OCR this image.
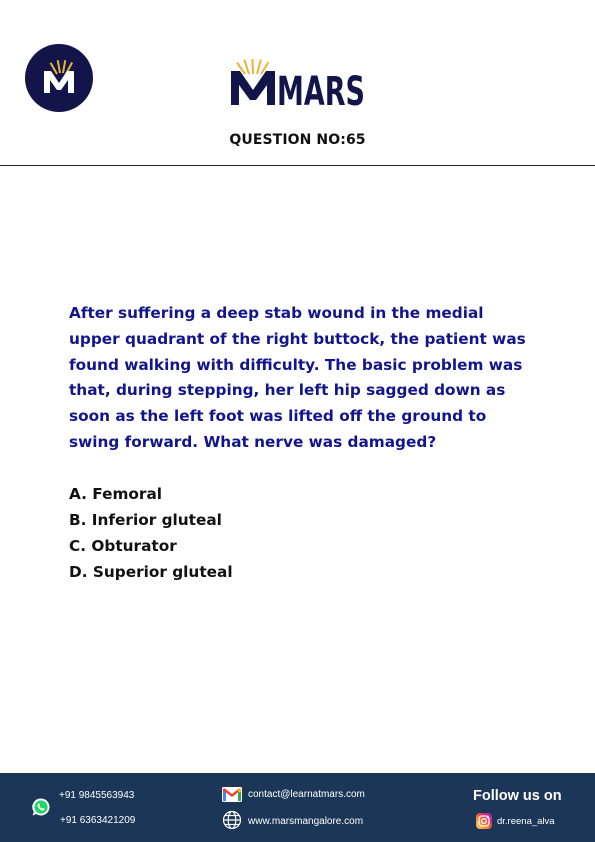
MARS
QUESTION NO:65

After suffering a deep stab wound in the medial upper quadrant of the right buttock, the patient was found walking with difficulty. The basic problem was that, during stepping, her left hip sagged down as soon as the left foot was lifted off the ground to swing forward. What nerve was damaged?

A. Femoral
B. Inferior gluteal
C. Obturator
D. Superior gluteal
+91 9845563943
+91 6363421209
contact@learnatmars.com
www.marsmangalore.com
Follow us on
dr.reena_alva
